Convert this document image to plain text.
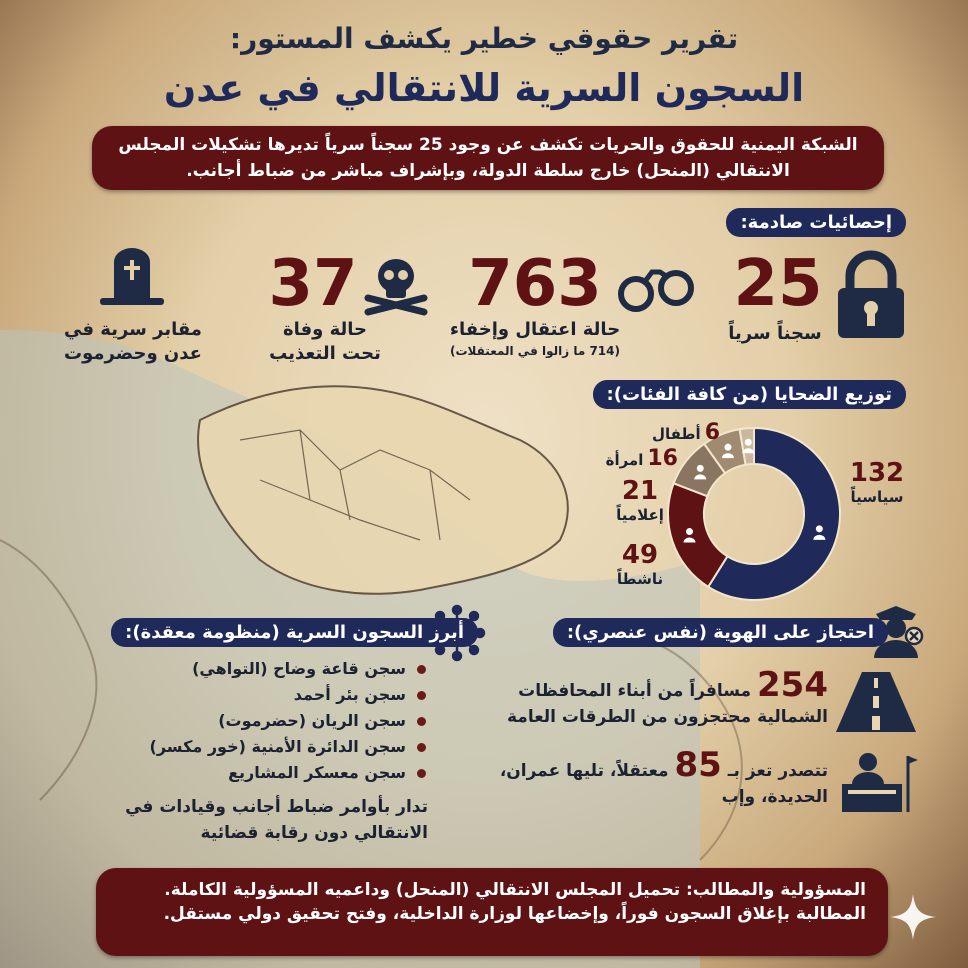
تقرير حقوقي خطير يكشف المستور:
السجون السرية للانتقالي في عدن
الشبكة اليمنية للحقوق والحريات تكشف عن وجود 25 سجناً سرياً تديرها تشكيلات المجلس الانتقالي (المنحل) خارج سلطة الدولة، وبإشراف مباشر من ضباط أجانب.
إحصائيات صادمة:
25
سجناً سرياً
763
حالة اعتقال وإخفاء
(714 ما زالوا في المعتقلات)
37
حالة وفاة
تحت التعذيب
مقابر سرية في
عدن وحضرموت
توزيع الضحايا (من كافة الفئات):
132
سياسياً
49
ناشطاً
21
إعلامياً
16
امرأة
6
أطفال
أبرز السجون السرية (منظومة معقدة):
سجن قاعة وضاح (التواهي)
سجن بئر أحمد
سجن الريان (حضرموت)
سجن الدائرة الأمنية (خور مكسر)
سجن معسكر المشاريع
تدار بأوامر ضباط أجانب وقيادات في الانتقالي دون رقابة قضائية
احتجاز على الهوية (نفس عنصري):
254 مسافراً من أبناء المحافظات الشمالية محتجزون من الطرقات العامة
تتصدر تعز بـ 85 معتقلاً، تليها عمران، الحديدة، وإب
المسؤولية والمطالب: تحميل المجلس الانتقالي (المنحل) وداعميه المسؤولية الكاملة.
المطالبة بإغلاق السجون فوراً، وإخضاعها لوزارة الداخلية، وفتح تحقيق دولي مستقل.
